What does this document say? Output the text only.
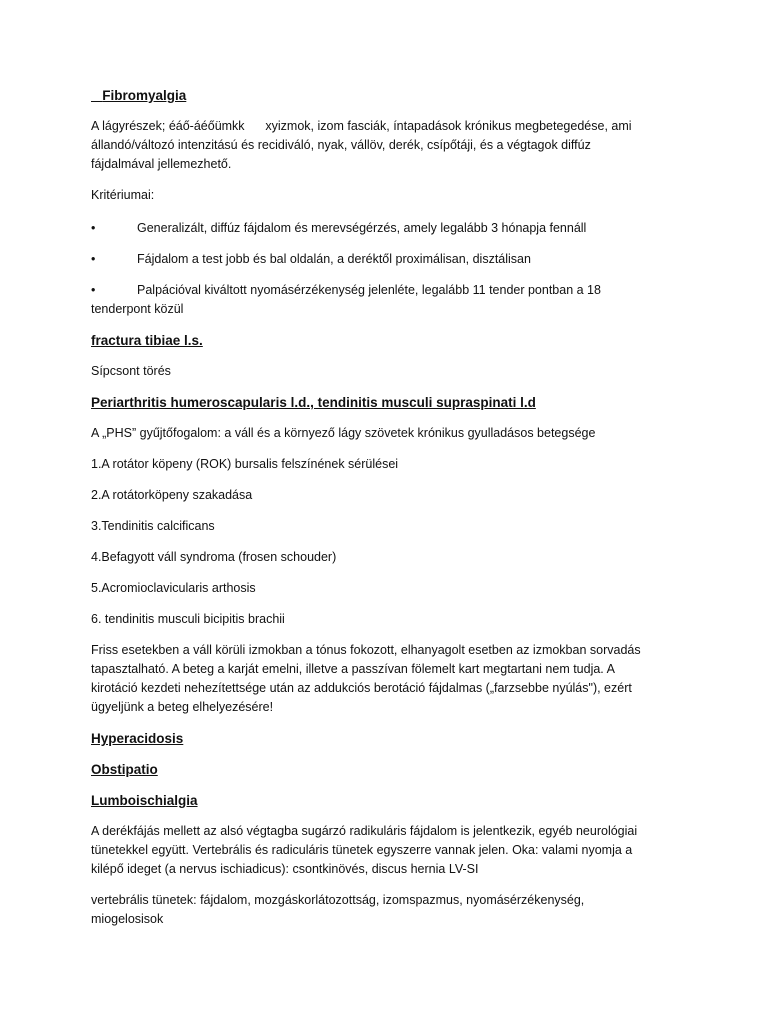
Fibromyalgia

A lágyrészek; éáő-áéőümkk      xyizmok, izom fasciák, íntapadások krónikus megbetegedése, ami

állandó/változó intenzitású és recidiváló, nyak, vállöv, derék, csípőtáji, és a végtagok diffúz

fájdalmával jellemezhető.

Kritériumai:

•	Generalizált, diffúz fájdalom és merevségérzés, amely legalább 3 hónapja fennáll
•	Fájdalom a test jobb és bal oldalán, a deréktől proximálisan, disztálisan
•	Palpációval kiváltott nyomásérzékenység jelenléte, legalább 11 tender pontban a 18

tenderpont közül

fractura tibiae l.s.

Sípcsont törés

Periarthritis humeroscapularis l.d., tendinitis musculi supraspinati l.d

A „PHS” gyűjtőfogalom: a váll és a környező lágy szövetek krónikus gyulladásos betegsége

1.A rotátor köpeny (ROK) bursalis felszínének sérülései

2.A rotátorköpeny szakadása

3.Tendinitis calcificans

4.Befagyott váll syndroma (frosen schouder)

5.Acromioclavicularis arthosis

6. tendinitis musculi bicipitis brachii

Friss esetekben a váll körüli izmokban a tónus fokozott, elhanyagolt esetben az izmokban sorvadás

tapasztalható. A beteg a karját emelni, illetve a passzívan fölemelt kart megtartani nem tudja. A

kirotáció kezdeti nehezítettsége után az addukciós berotáció fájdalmas („farzsebbe nyúlás"), ezért

ügyeljünk a beteg elhelyezésére!

Hyperacidosis

Obstipatio

Lumboischialgia

A derékfájás mellett az alsó végtagba sugárzó radikuláris fájdalom is jelentkezik, egyéb neurológiai

tünetekkel együtt. Vertebrális és radiculáris tünetek egyszerre vannak jelen. Oka: valami nyomja a

kilépő ideget (a nervus ischiadicus): csontkinövés, discus hernia LV-SI

vertebrális tünetek: fájdalom, mozgáskorlátozottság, izomspazmus, nyomásérzékenység,

miogelosisok
